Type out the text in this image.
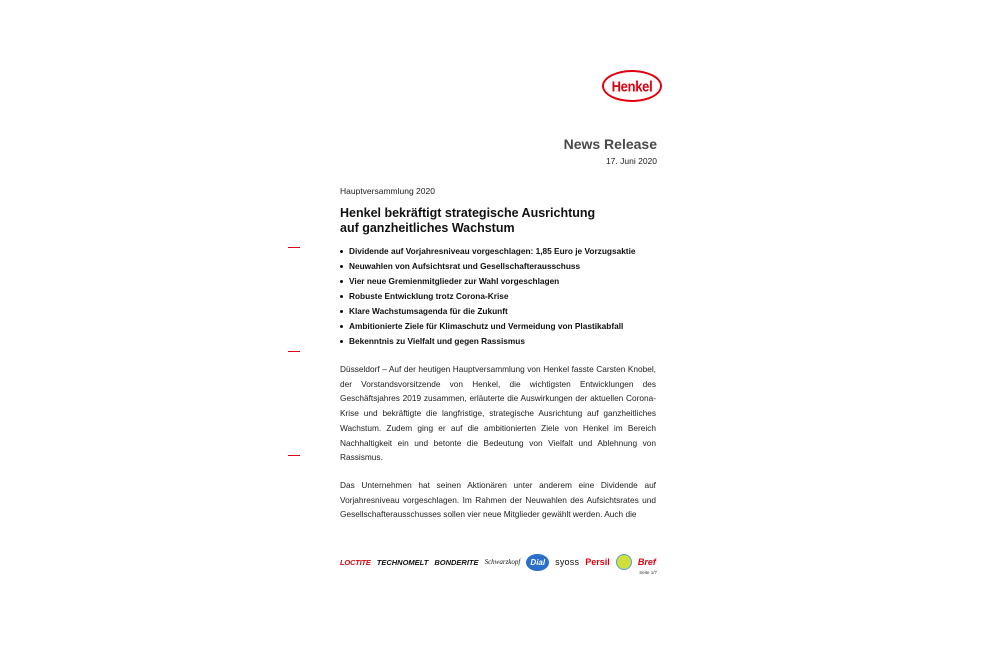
Henkel
News Release
17. Juni 2020
Hauptversammlung 2020
Henkel bekräftigt strategische Ausrichtung
auf ganzheitliches Wachstum
Dividende auf Vorjahresniveau vorgeschlagen: 1,85 Euro je Vorzugsaktie
Neuwahlen von Aufsichtsrat und Gesellschafterausschuss
Vier neue Gremienmitglieder zur Wahl vorgeschlagen
Robuste Entwicklung trotz Corona-Krise
Klare Wachstumsagenda für die Zukunft
Ambitionierte Ziele für Klimaschutz und Vermeidung von Plastikabfall
Bekenntnis zu Vielfalt und gegen Rassismus

Düsseldorf – Auf der heutigen Hauptversammlung von Henkel fasste Carsten Knobel, der Vorstandsvorsitzende von Henkel, die wichtigsten Entwicklungen des Geschäftsjahres 2019 zusammen, erläuterte die Auswirkungen der aktuellen Corona-Krise und bekräftigte die langfristige, strategische Ausrichtung auf ganzheitliches Wachstum. Zudem ging er auf die ambitionierten Ziele von Henkel im Bereich Nachhaltigkeit ein und betonte die Bedeutung von Vielfalt und Ablehnung von Rassismus.

Das Unternehmen hat seinen Aktionären unter anderem eine Dividende auf Vorjahresniveau vorgeschlagen. Im Rahmen der Neuwahlen des Aufsichtsrates und Gesellschafterausschusses sollen vier neue Mitglieder gewählt werden. Auch die

LOCTITE TECHNOMELT BONDERITE Schwarzkopf	Dial	syoss Persil	Bref
Seite 1/7
